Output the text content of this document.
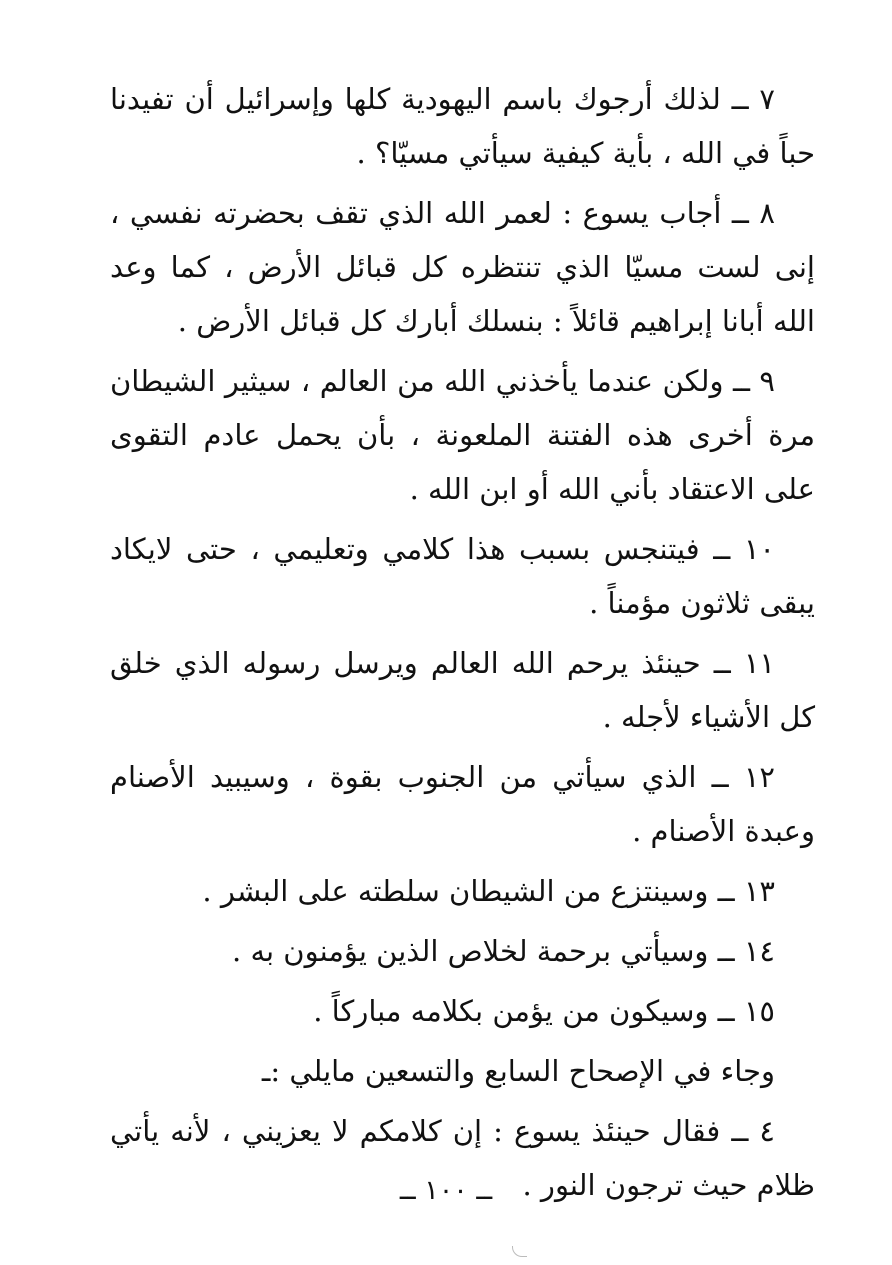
٧ ــ لذلك أرجوك باسم اليهودية كلها وإسرائيل أن تفيدنا حباً في الله ، بأية كيفية سيأتي مسيّا؟ .

٨ ــ أجاب يسوع : لعمر الله الذي تقف بحضرته نفسي ، إنى لست مسيّا الذي تنتظره كل قبائل الأرض ، كما وعد الله أبانا إبراهيم قائلاً : بنسلك أبارك كل قبائل الأرض .

٩ ــ ولكن عندما يأخذني الله من العالم ، سيثير الشيطان مرة أخرى هذه الفتنة الملعونة ، بأن يحمل عادم التقوى على الاعتقاد بأني الله أو ابن الله .

١٠ ــ فيتنجس بسبب هذا كلامي وتعليمي ، حتى لايكاد يبقى ثلاثون مؤمناً .

١١ ــ حينئذ يرحم الله العالم ويرسل رسوله الذي خلق كل الأشياء لأجله .

١٢ ــ الذي سيأتي من الجنوب بقوة ، وسيبيد الأصنام وعبدة الأصنام .

١٣ ــ وسينتزع من الشيطان سلطته على البشر .

١٤ ــ وسيأتي برحمة لخلاص الذين يؤمنون به .

١٥ ــ وسيكون من يؤمن بكلامه مباركاً .

وجاء في الإصحاح السابع والتسعين مايلي :ـ

٤ ــ فقال حينئذ يسوع : إن كلامكم لا يعزيني ، لأنه يأتي ظلام حيث ترجون النور .

ــ ١٠٠ ــ
